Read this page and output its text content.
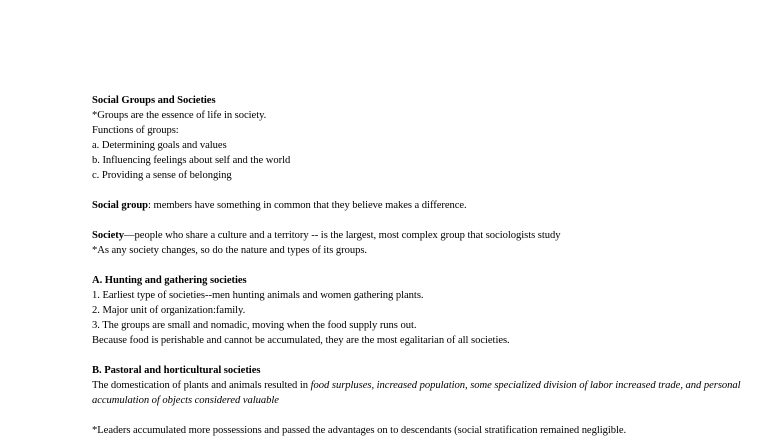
Social Groups and Societies
*Groups are the essence of life in society.
Functions of groups:
a. Determining goals and values
b. Influencing feelings about self and the world
c. Providing a sense of belonging
Social group: members have something in common that they believe makes a difference.
Society—people who share a culture and a territory -- is the largest, most complex group that sociologists study
*As any society changes, so do the nature and types of its groups.
A. Hunting and gathering societies
1. Earliest type of societies--men hunting animals and women gathering plants.
2. Major unit of organization:family.
3. The groups are small and nomadic, moving when the food supply runs out.
Because food is perishable and cannot be accumulated, they are the most egalitarian of all societies.
B. Pastoral and horticultural societies
The domestication of plants and animals resulted in food surpluses, increased population, some specialized division of labor increased trade, and personal accumulation of objects considered valuable
*Leaders accumulated more possessions and passed the advantages on to descendants (social stratification remained negligible.
